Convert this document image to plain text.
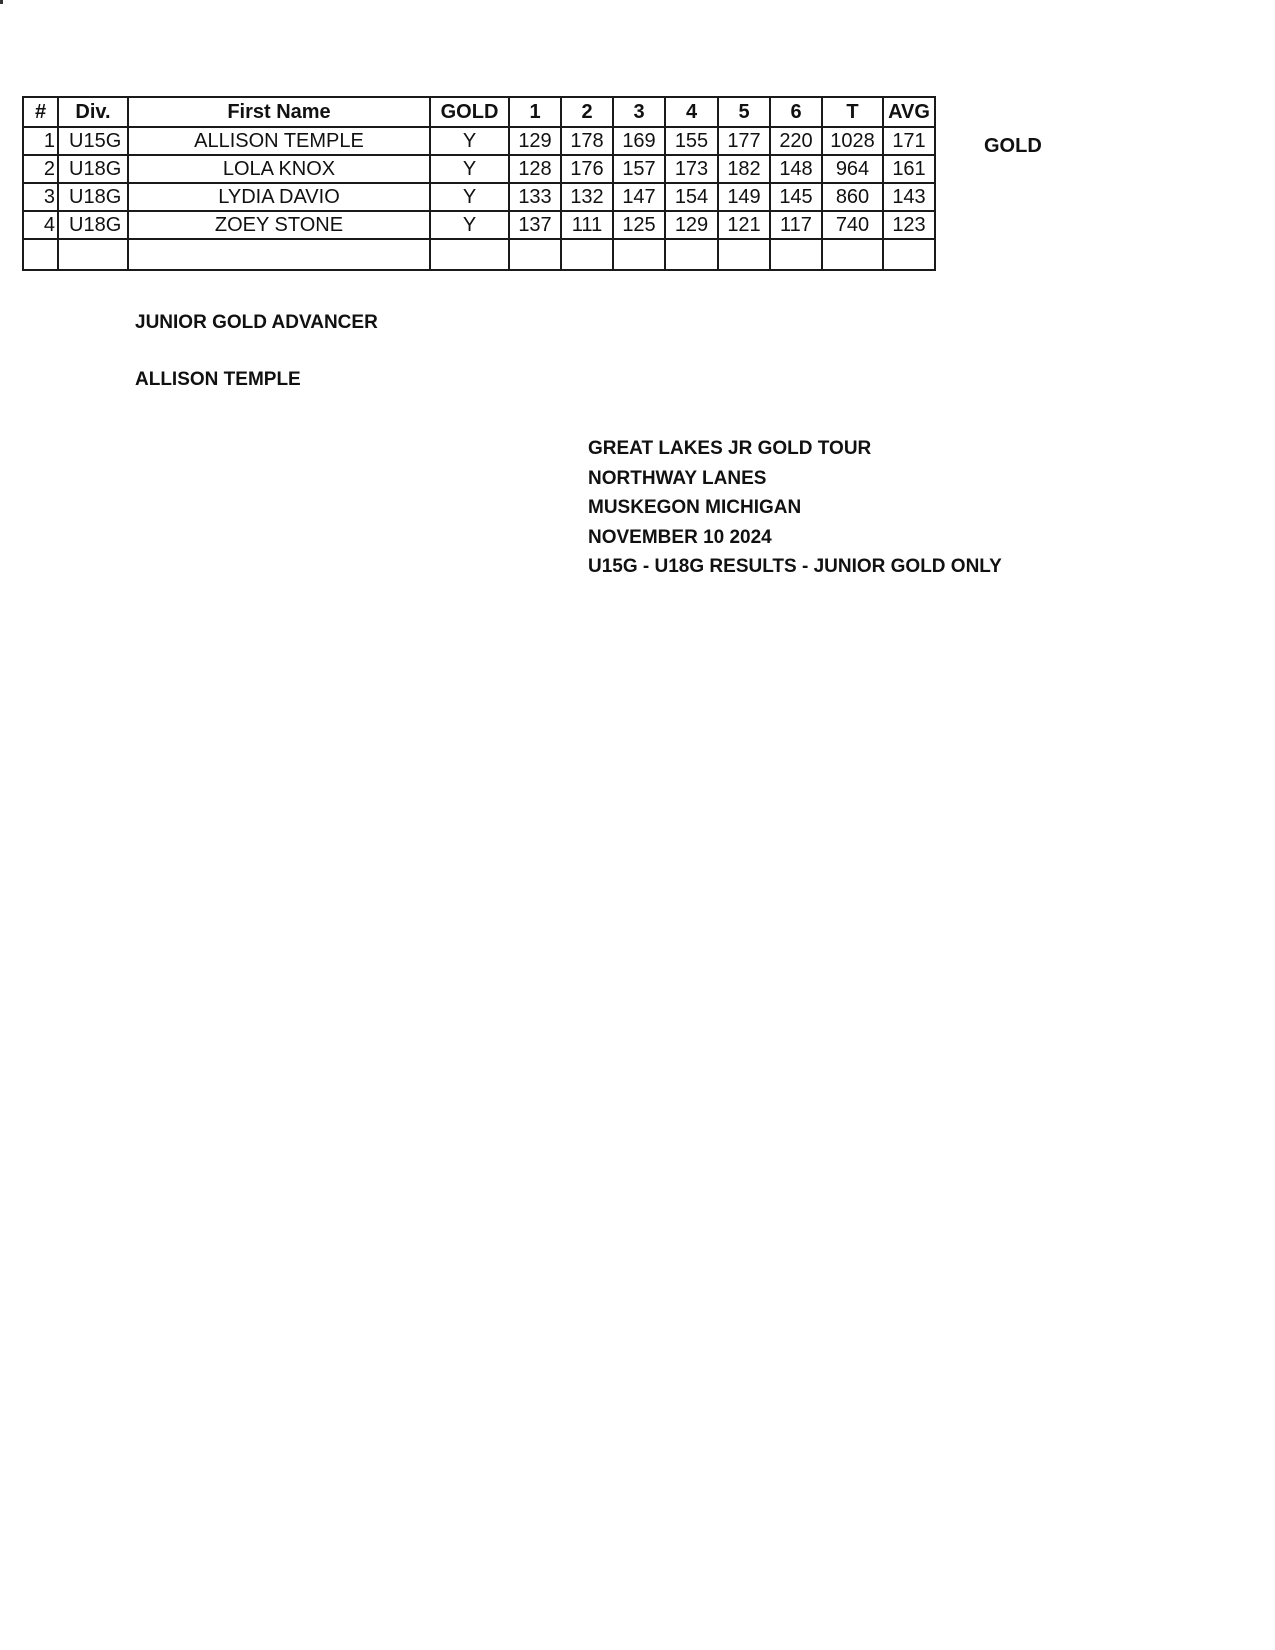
#	Div.	First Name	GOLD	1	2	3	4	5	6	T	AVG
1	U15G	ALLISON TEMPLE	Y	129	178	169	155	177	220	1028	171
2	U18G	LOLA KNOX	Y	128	176	157	173	182	148	964	161
3	U18G	LYDIA DAVIO	Y	133	132	147	154	149	145	860	143
4	U18G	ZOEY STONE	Y	137	111	125	129	121	117	740	123

GOLD
JUNIOR GOLD ADVANCER
ALLISON TEMPLE
GREAT LAKES JR GOLD TOUR
NORTHWAY LANES
MUSKEGON MICHIGAN
NOVEMBER 10 2024
U15G - U18G RESULTS - JUNIOR GOLD ONLY
